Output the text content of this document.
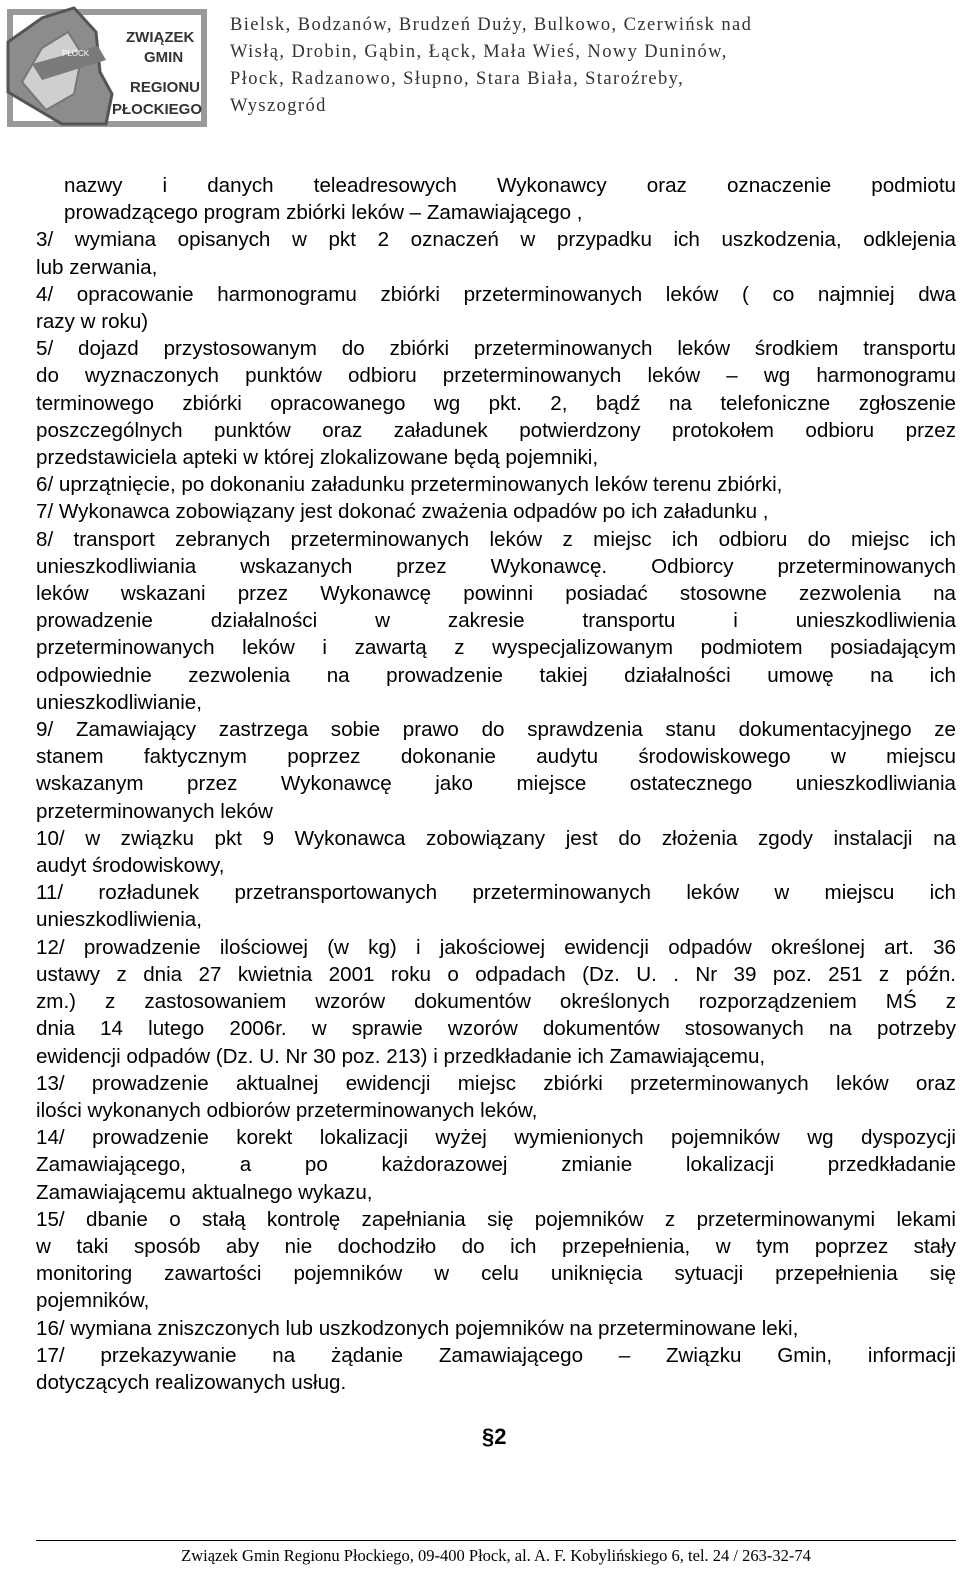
PŁOCK
ZWIĄZEK
GMIN
REGIONU
PŁOCKIEGO
Bielsk, Bodzanów, Brudzeń Duży, Bulkowo, Czerwińsk nad
Wisłą, Drobin, Gąbin, Łąck, Mała Wieś, Nowy Duninów,
Płock, Radzanowo, Słupno, Stara Biała, Staroźreby,
Wyszogród
nazwy i danych teleadresowych Wykonawcy oraz oznaczenie podmiotu
prowadzącego program zbiórki leków – Zamawiającego ,
3/ wymiana opisanych w pkt 2 oznaczeń w przypadku ich uszkodzenia, odklejenia
lub zerwania,
4/ opracowanie harmonogramu zbiórki przeterminowanych leków ( co najmniej dwa
razy w roku)
5/ dojazd przystosowanym do zbiórki przeterminowanych leków środkiem transportu
do wyznaczonych punktów odbioru przeterminowanych leków – wg harmonogramu
terminowego zbiórki opracowanego wg pkt. 2, bądź na telefoniczne zgłoszenie
poszczególnych punktów oraz załadunek potwierdzony protokołem odbioru przez
przedstawiciela apteki w której zlokalizowane będą pojemniki,
6/ uprzątnięcie, po dokonaniu załadunku przeterminowanych leków terenu zbiórki,
7/ Wykonawca zobowiązany jest dokonać zważenia odpadów po ich załadunku ,
8/ transport zebranych przeterminowanych leków z miejsc ich odbioru do miejsc ich
unieszkodliwiania wskazanych przez Wykonawcę. Odbiorcy przeterminowanych
leków wskazani przez Wykonawcę powinni posiadać stosowne zezwolenia na
prowadzenie działalności w zakresie transportu i unieszkodliwienia
przeterminowanych leków i zawartą z wyspecjalizowanym podmiotem posiadającym
odpowiednie zezwolenia na prowadzenie takiej działalności umowę na ich
unieszkodliwianie,
9/ Zamawiający zastrzega sobie prawo do sprawdzenia stanu dokumentacyjnego ze
stanem faktycznym poprzez dokonanie audytu środowiskowego w miejscu
wskazanym przez Wykonawcę jako miejsce ostatecznego unieszkodliwiania
przeterminowanych leków
10/ w związku pkt 9 Wykonawca zobowiązany jest do złożenia zgody instalacji na
audyt środowiskowy,
11/ rozładunek przetransportowanych przeterminowanych leków w miejscu ich
unieszkodliwienia,
12/ prowadzenie ilościowej (w kg) i jakościowej ewidencji odpadów określonej art. 36
ustawy z dnia 27 kwietnia 2001 roku o odpadach (Dz. U. . Nr 39 poz. 251 z późn.
zm.) z zastosowaniem wzorów dokumentów określonych rozporządzeniem MŚ z
dnia 14 lutego 2006r. w sprawie wzorów dokumentów stosowanych na potrzeby
ewidencji odpadów (Dz. U. Nr 30 poz. 213) i przedkładanie ich Zamawiającemu,
13/ prowadzenie aktualnej ewidencji miejsc zbiórki przeterminowanych leków oraz
ilości wykonanych odbiorów przeterminowanych leków,
14/ prowadzenie korekt lokalizacji wyżej wymienionych pojemników wg dyspozycji
Zamawiającego, a po każdorazowej zmianie lokalizacji przedkładanie
Zamawiającemu aktualnego wykazu,
15/ dbanie o stałą kontrolę zapełniania się pojemników z przeterminowanymi lekami
w taki sposób aby nie dochodziło do ich przepełnienia, w tym poprzez stały
monitoring zawartości pojemników w celu uniknięcia sytuacji przepełnienia się
pojemników,
16/ wymiana zniszczonych lub uszkodzonych pojemników na przeterminowane leki,
17/ przekazywanie na żądanie Zamawiającego – Związku Gmin, informacji
dotyczących realizowanych usług.
§2
Związek Gmin Regionu Płockiego, 09-400 Płock, al. A. F. Kobylińskiego 6, tel. 24 / 263-32-74
